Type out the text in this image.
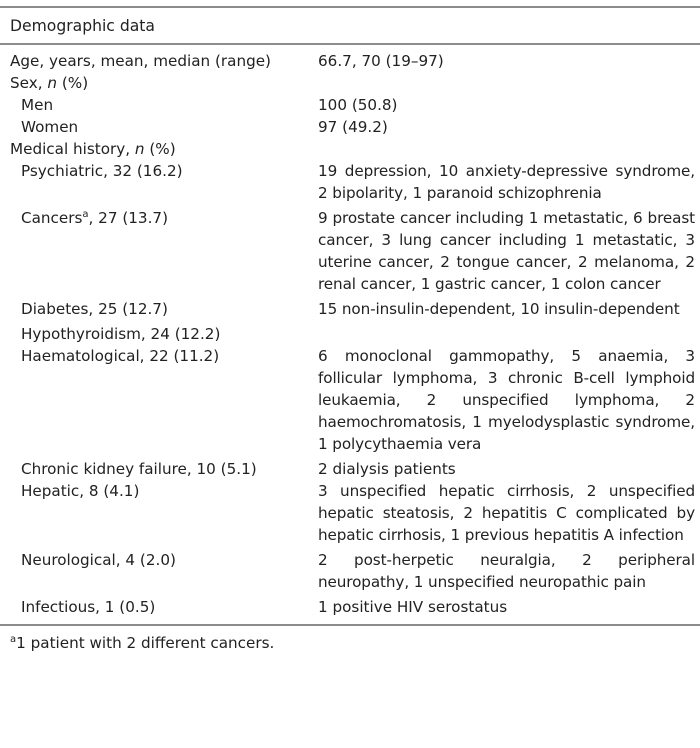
Demographic data
Age, years, mean, median (range)	66.7, 70 (19–97)
Sex, n (%)	
Men	100 (50.8)
Women	97 (49.2)
Medical history, n (%)	
Psychiatric, 32 (16.2)	19 depression, 10 anxiety-depressive syndrome, 2 bipolarity, 1 paranoid schizophrenia
Cancers$^a$, 27 (13.7)	9 prostate cancer including 1 metastatic, 6 breast cancer, 3 lung cancer including 1 metastatic, 3 uterine cancer, 2 tongue cancer, 2 melanoma, 2 renal cancer, 1 gastric cancer, 1 colon cancer
Diabetes, 25 (12.7)	15 non-insulin-dependent, 10 insulin-dependent
Hypothyroidism, 24 (12.2)	
Haematological, 22 (11.2)	6 monoclonal gammopathy, 5 anaemia, 3 follicular lymphoma, 3 chronic B-cell lymphoid leukaemia, 2 unspecified lymphoma, 2 haemochromatosis, 1 myelodysplastic syndrome, 1 polycythaemia vera
Chronic kidney failure, 10 (5.1)	2 dialysis patients
Hepatic, 8 (4.1)	3 unspecified hepatic cirrhosis, 2 unspecified hepatic steatosis, 2 hepatitis C complicated by hepatic cirrhosis, 1 previous hepatitis A infection
Neurological, 4 (2.0)	2 post-herpetic neuralgia, 2 peripheral neuropathy, 1 unspecified neuropathic pain
Infectious, 1 (0.5)	1 positive HIV serostatus
$^a$1 patient with 2 different cancers.
